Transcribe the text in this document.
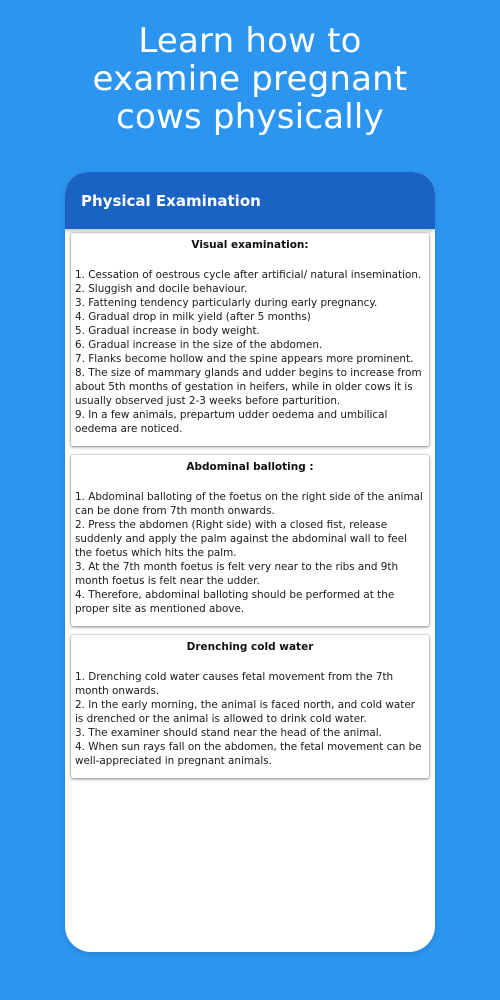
Learn how to
examine pregnant
cows physically
Physical Examination
Visual examination:
1. Cessation of oestrous cycle after artificial/ natural insemination.
2. Sluggish and docile behaviour.
3. Fattening tendency particularly during early pregnancy.
4. Gradual drop in milk yield (after 5 months)
5. Gradual increase in body weight.
6. Gradual increase in the size of the abdomen.
7. Flanks become hollow and the spine appears more prominent.
8. The size of mammary glands and udder begins to increase from about 5th months of gestation in heifers, while in older cows it is usually observed just 2-3 weeks before parturition.
9. In a few animals, prepartum udder oedema and umbilical oedema are noticed.
Abdominal balloting :
1. Abdominal balloting of the foetus on the right side of the animal can be done from 7th month onwards.
2. Press the abdomen (Right side) with a closed fist, release suddenly and apply the palm against the abdominal wall to feel the foetus which hits the palm.
3. At the 7th month foetus is felt very near to the ribs and 9th month foetus is felt near the udder.
4. Therefore, abdominal balloting should be performed at the proper site as mentioned above.
Drenching cold water
1. Drenching cold water causes fetal movement from the 7th month onwards.
2. In the early morning, the animal is faced north, and cold water is drenched or the animal is allowed to drink cold water.
3. The examiner should stand near the head of the animal.
4. When sun rays fall on the abdomen, the fetal movement can be well-appreciated in pregnant animals.
